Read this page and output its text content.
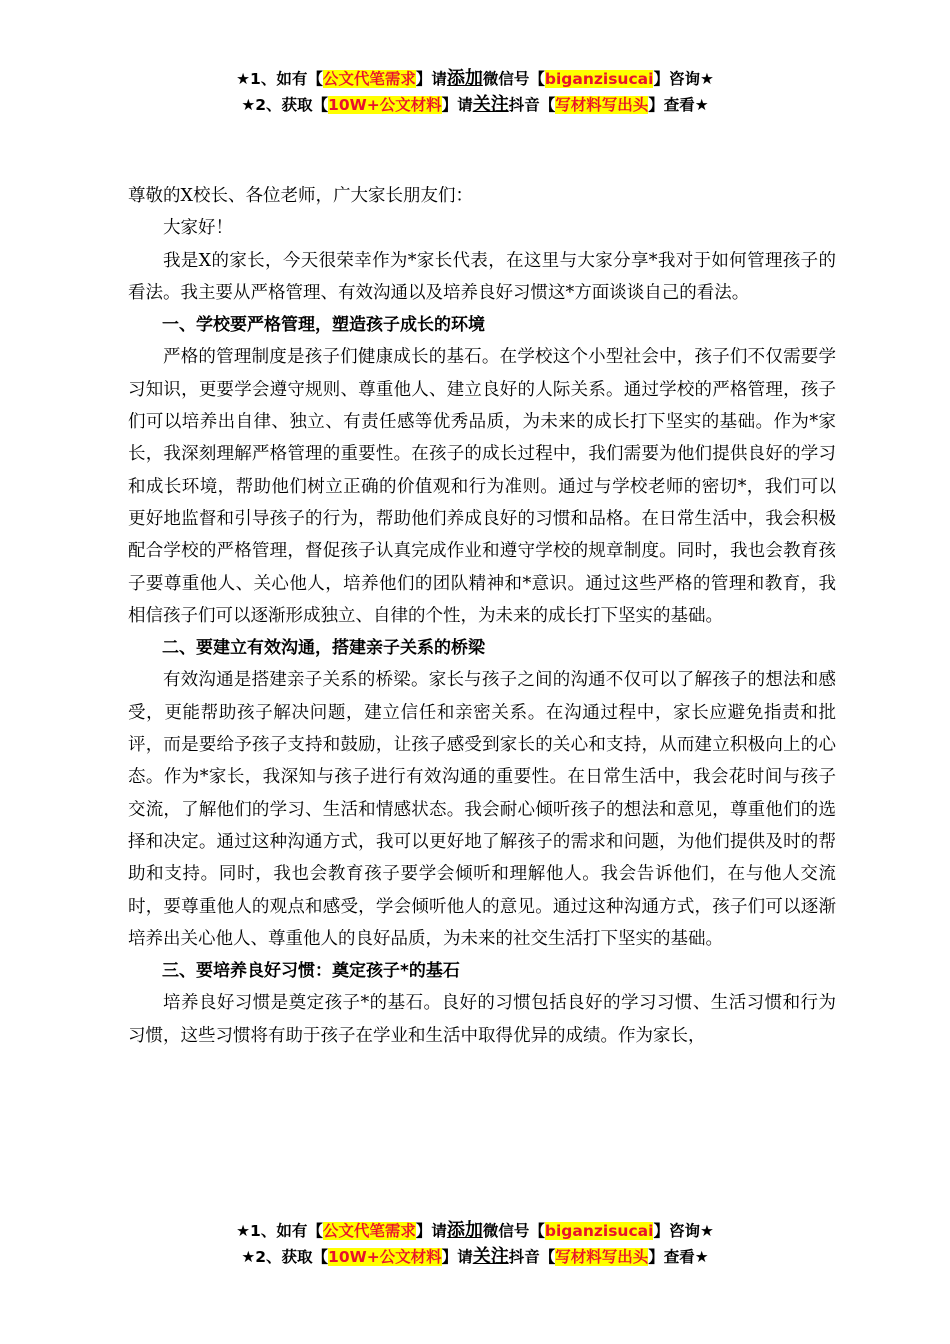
★1、如有【公文代笔需求】请添加微信号【biganzisucai】咨询★
★2、获取【10W+公文材料】请关注抖音【写材料写出头】查看★

尊敬的X校长、各位老师，广大家长朋友们：

大家好！

我是X的家长，今天很荣幸作为*家长代表，在这里与大家分享*我对于如何管理孩子的看法。我主要从严格管理、有效沟通以及培养良好习惯这*方面谈谈自己的看法。

一、学校要严格管理，塑造孩子成长的环境

严格的管理制度是孩子们健康成长的基石。在学校这个小型社会中，孩子们不仅需要学习知识，更要学会遵守规则、尊重他人、建立良好的人际关系。通过学校的严格管理，孩子们可以培养出自律、独立、有责任感等优秀品质，为未来的成长打下坚实的基础。作为*家长，我深刻理解严格管理的重要性。在孩子的成长过程中，我们需要为他们提供良好的学习和成长环境，帮助他们树立正确的价值观和行为准则。通过与学校老师的密切*，我们可以更好地监督和引导孩子的行为，帮助他们养成良好的习惯和品格。在日常生活中，我会积极配合学校的严格管理，督促孩子认真完成作业和遵守学校的规章制度。同时，我也会教育孩子要尊重他人、关心他人，培养他们的团队精神和*意识。通过这些严格的管理和教育，我相信孩子们可以逐渐形成独立、自律的个性，为未来的成长打下坚实的基础。

二、要建立有效沟通，搭建亲子关系的桥梁

有效沟通是搭建亲子关系的桥梁。家长与孩子之间的沟通不仅可以了解孩子的想法和感受，更能帮助孩子解决问题，建立信任和亲密关系。在沟通过程中，家长应避免指责和批评，而是要给予孩子支持和鼓励，让孩子感受到家长的关心和支持，从而建立积极向上的心态。作为*家长，我深知与孩子进行有效沟通的重要性。在日常生活中，我会花时间与孩子交流，了解他们的学习、生活和情感状态。我会耐心倾听孩子的想法和意见，尊重他们的选择和决定。通过这种沟通方式，我可以更好地了解孩子的需求和问题，为他们提供及时的帮助和支持。同时，我也会教育孩子要学会倾听和理解他人。我会告诉他们，在与他人交流时，要尊重他人的观点和感受，学会倾听他人的意见。通过这种沟通方式，孩子们可以逐渐培养出关心他人、尊重他人的良好品质，为未来的社交生活打下坚实的基础。

三、要培养良好习惯：奠定孩子*的基石

培养良好习惯是奠定孩子*的基石。良好的习惯包括良好的学习习惯、生活习惯和行为习惯，这些习惯将有助于孩子在学业和生活中取得优异的成绩。作为家长，

★1、如有【公文代笔需求】请添加微信号【biganzisucai】咨询★
★2、获取【10W+公文材料】请关注抖音【写材料写出头】查看★
